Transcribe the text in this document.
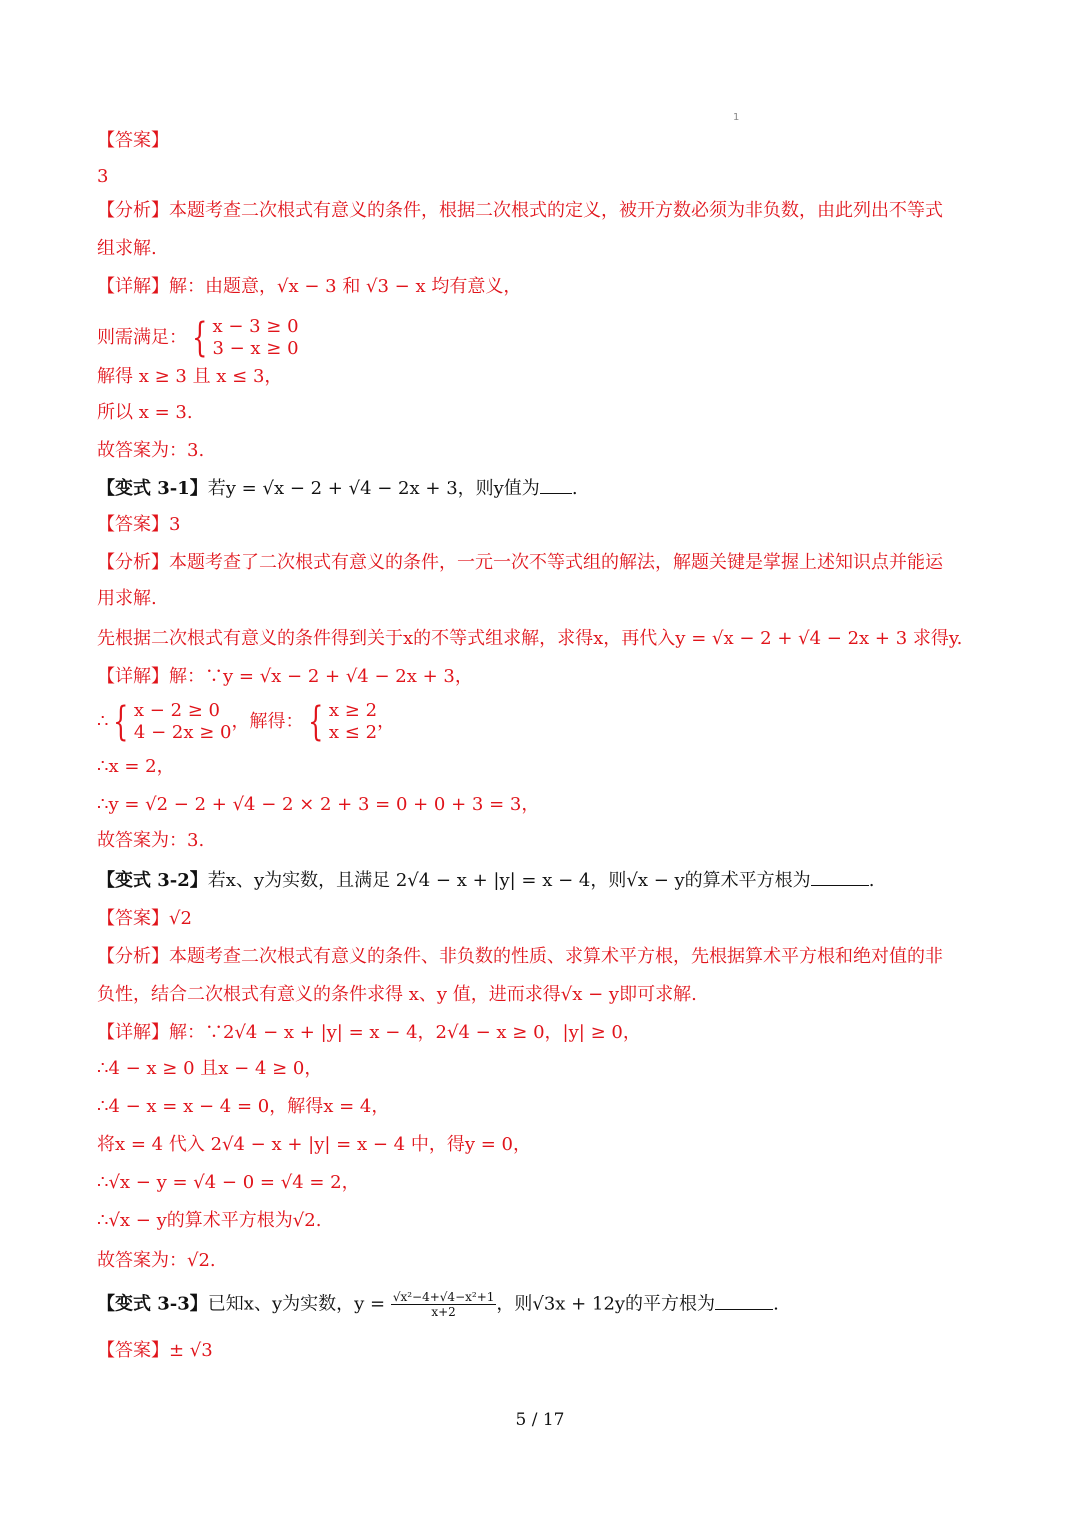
1
【答案】
3
【分析】本题考查二次根式有意义的条件，根据二次根式的定义，被开方数必须为非负数，由此列出不等式
组求解.
【详解】解：由题意，√x − 3 和 √3 − x 均有意义，
则需满足： { x − 3 ≥ 0
3 − x ≥ 0
解得 x ≥ 3 且 x ≤ 3，
所以 x = 3.
故答案为：3.
【变式 3-1】若y = √x − 2 + √4 − 2x + 3，则y值为 .
【答案】3
【分析】本题考查了二次根式有意义的条件，一元一次不等式组的解法，解题关键是掌握上述知识点并能运
用求解.
先根据二次根式有意义的条件得到关于x的不等式组求解，求得x，再代入y = √x − 2 + √4 − 2x + 3 求得y.
【详解】解：∵y = √x − 2 + √4 − 2x + 3，
∴ { x − 2 ≥ 0
4 − 2x ≥ 0
，解得： { x ≥ 2
x ≤ 2
，
∴x = 2，
∴y = √2 − 2 + √4 − 2 × 2 + 3 = 0 + 0 + 3 = 3，
故答案为：3.
【变式 3-2】若x、y为实数，且满足 2√4 − x + |y| = x − 4，则√x − y的算术平方根为	.
【答案】√2
【分析】本题考查二次根式有意义的条件、非负数的性质、求算术平方根，先根据算术平方根和绝对值的非
负性，结合二次根式有意义的条件求得 x、y 值，进而求得√x − y即可求解.
【详解】解：∵2√4 − x + |y| = x − 4，2√4 − x ≥ 0，|y| ≥ 0，
∴4 − x ≥ 0 且x − 4 ≥ 0，
∴4 − x = x − 4 = 0，解得x = 4，
将x = 4 代入 2√4 − x + |y| = x − 4 中，得y = 0，
∴√x − y = √4 − 0 = √4 = 2，
∴√x − y的算术平方根为√2.
故答案为：√2.
【变式 3-3】已知x、y为实数，$y = \frac{\text{√x²−4+√4−x²+1}}{x+2}$ ，则√3x + 12y的平方根为	.
【答案】± √3
5 / 17
